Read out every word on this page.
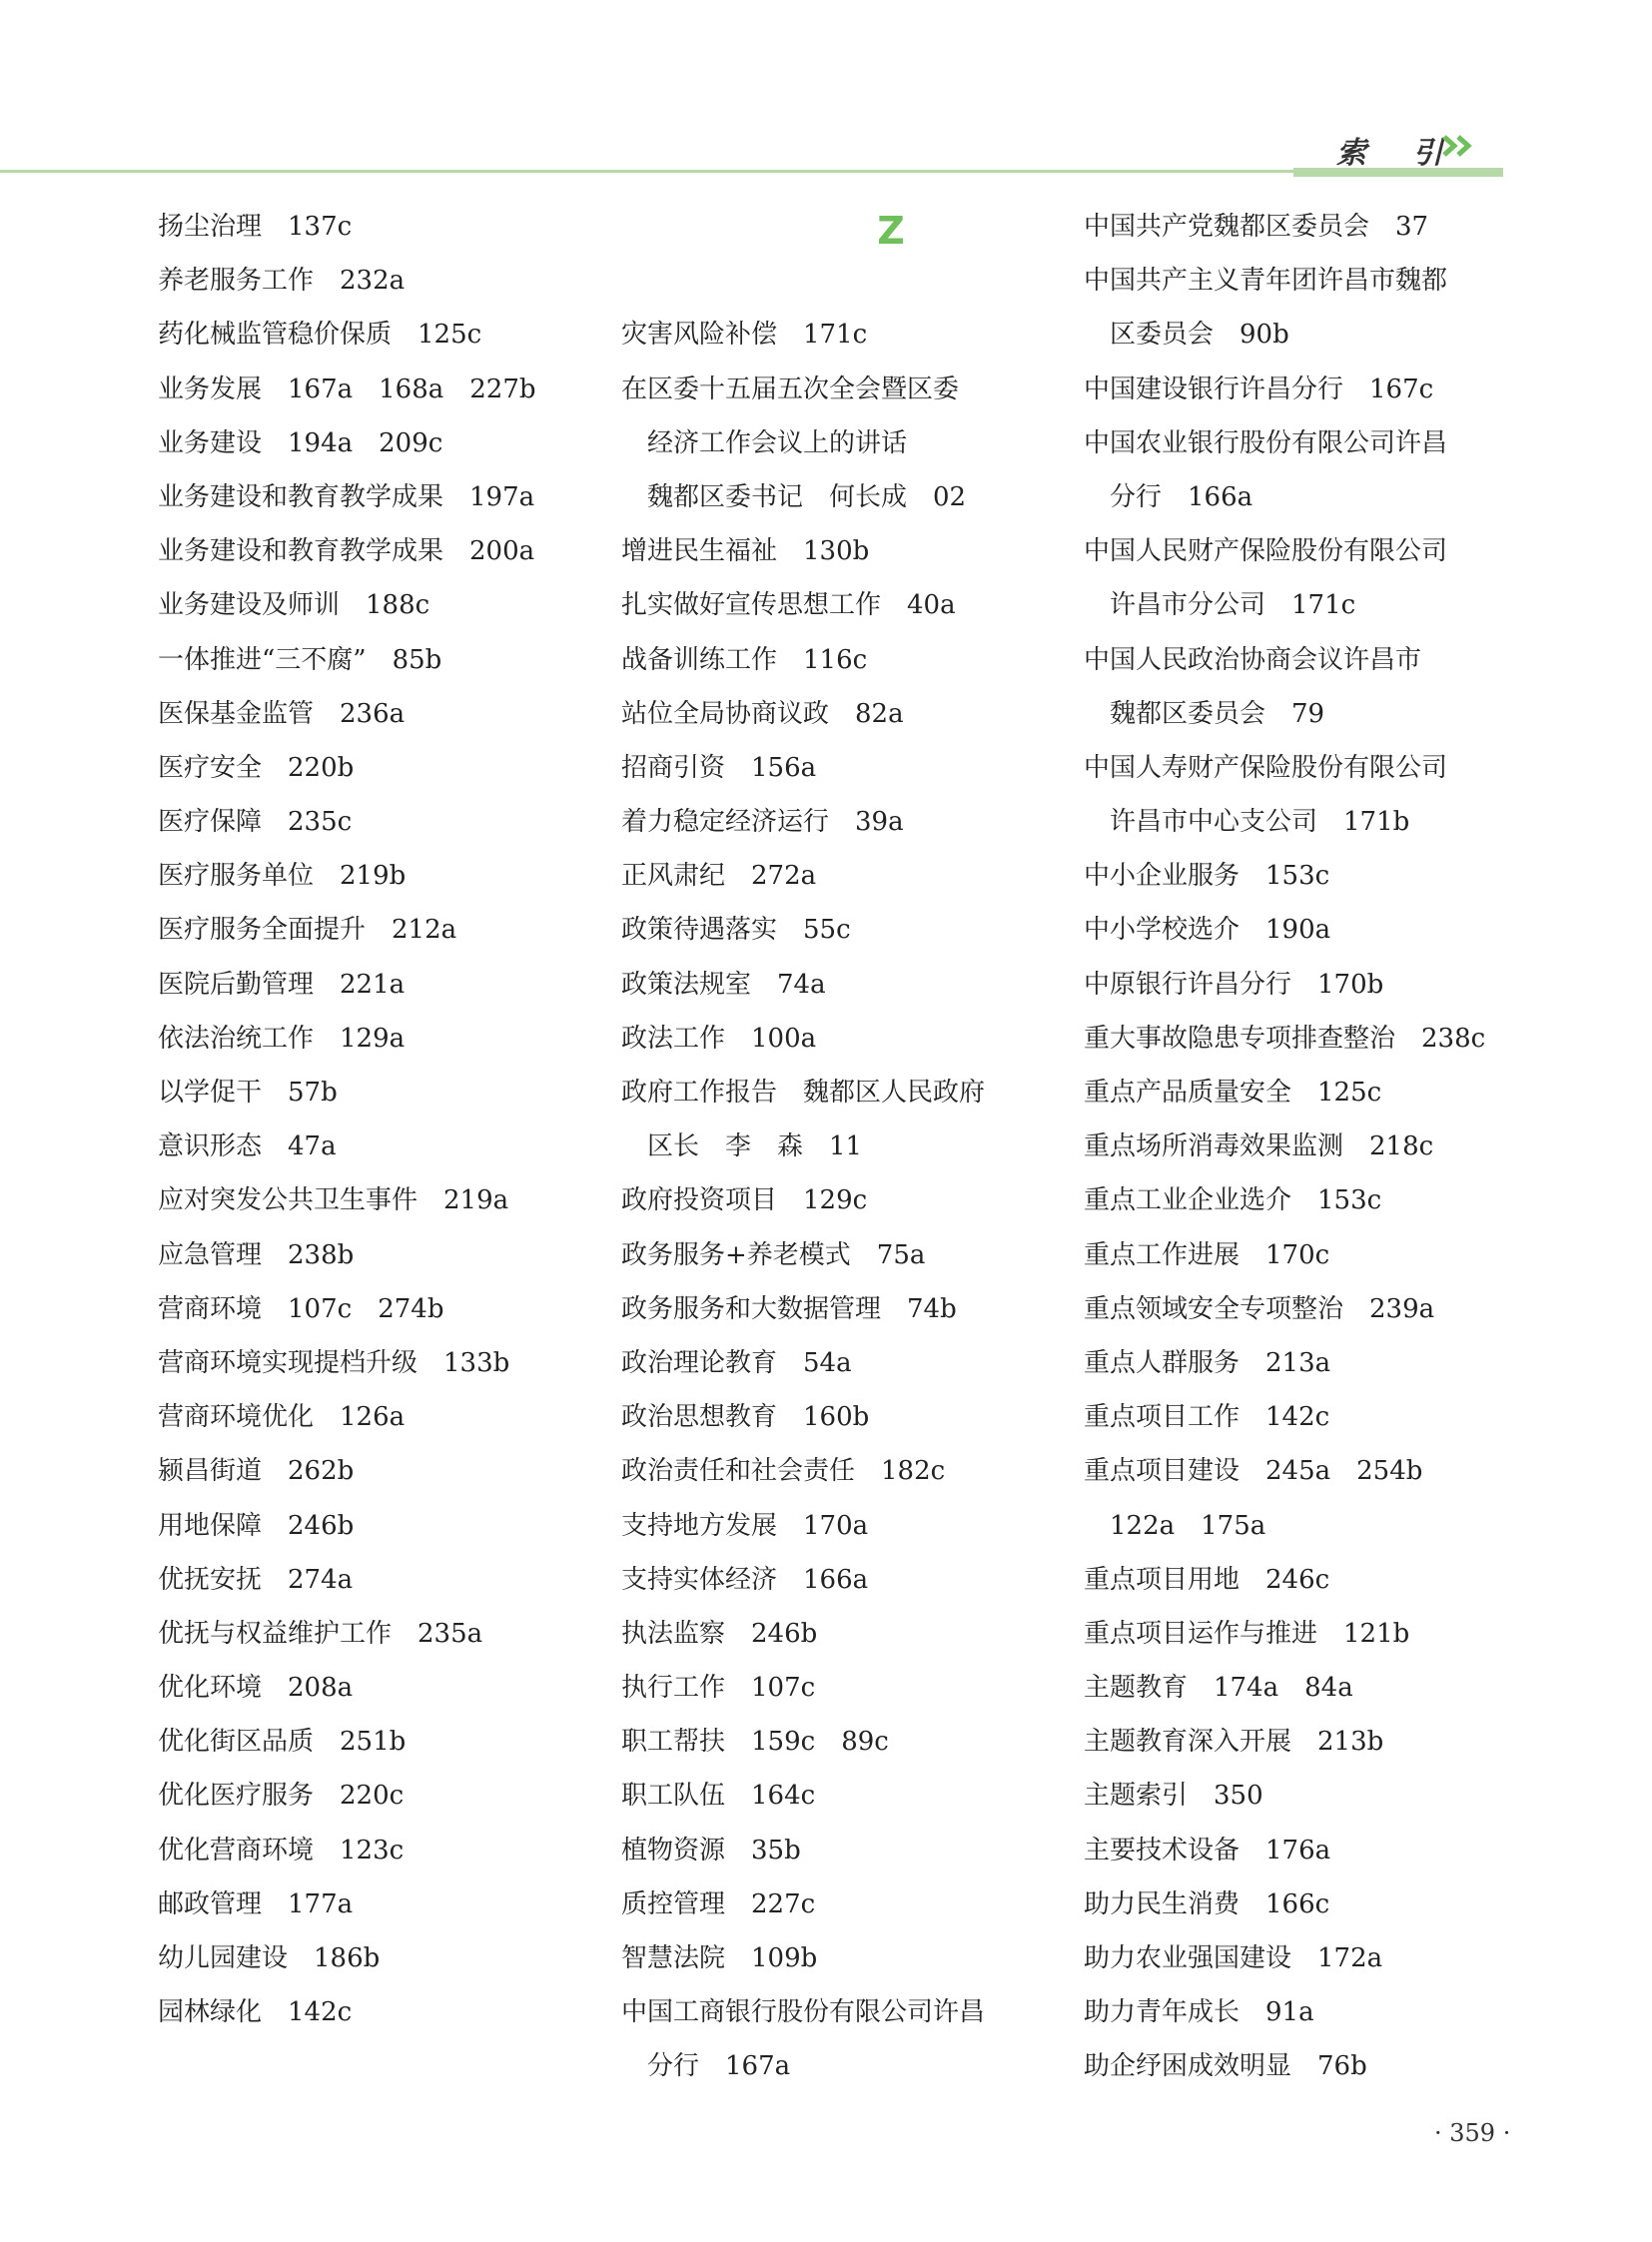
索 引
扬尘治理　137c
养老服务工作　232a
药化械监管稳价保质　125c
业务发展　167a　168a　227b
业务建设　194a　209c
业务建设和教育教学成果　197a
业务建设和教育教学成果　200a
业务建设及师训　188c
一体推进“三不腐”　85b
医保基金监管　236a
医疗安全　220b
医疗保障　235c
医疗服务单位　219b
医疗服务全面提升　212a
医院后勤管理　221a
依法治统工作　129a
以学促干　57b
意识形态　47a
应对突发公共卫生事件　219a
应急管理　238b
营商环境　107c　274b
营商环境实现提档升级　133b
营商环境优化　126a
颍昌街道　262b
用地保障　246b
优抚安抚　274a
优抚与权益维护工作　235a
优化环境　208a
优化街区品质　251b
优化医疗服务　220c
优化营商环境　123c
邮政管理　177a
幼儿园建设　186b
园林绿化　142c
Z
灾害风险补偿　171c
在区委十五届五次全会暨区委
经济工作会议上的讲话
魏都区委书记　何长成　02
增进民生福祉　130b
扎实做好宣传思想工作　40a
战备训练工作　116c
站位全局协商议政　82a
招商引资　156a
着力稳定经济运行　39a
正风肃纪　272a
政策待遇落实　55c
政策法规室　74a
政法工作　100a
政府工作报告　魏都区人民政府
区长　李　森　11
政府投资项目　129c
政务服务+养老模式　75a
政务服务和大数据管理　74b
政治理论教育　54a
政治思想教育　160b
政治责任和社会责任　182c
支持地方发展　170a
支持实体经济　166a
执法监察　246b
执行工作　107c
职工帮扶　159c　89c
职工队伍　164c
植物资源　35b
质控管理　227c
智慧法院　109b
中国工商银行股份有限公司许昌
分行　167a
中国共产党魏都区委员会　37
中国共产主义青年团许昌市魏都
区委员会　90b
中国建设银行许昌分行　167c
中国农业银行股份有限公司许昌
分行　166a
中国人民财产保险股份有限公司
许昌市分公司　171c
中国人民政治协商会议许昌市
魏都区委员会　79
中国人寿财产保险股份有限公司
许昌市中心支公司　171b
中小企业服务　153c
中小学校选介　190a
中原银行许昌分行　170b
重大事故隐患专项排查整治　238c
重点产品质量安全　125c
重点场所消毒效果监测　218c
重点工业企业选介　153c
重点工作进展　170c
重点领域安全专项整治　239a
重点人群服务　213a
重点项目工作　142c
重点项目建设　245a　254b
122a　175a
重点项目用地　246c
重点项目运作与推进　121b
主题教育　174a　84a
主题教育深入开展　213b
主题索引　350
主要技术设备　176a
助力民生消费　166c
助力农业强国建设　172a
助力青年成长　91a
助企纾困成效明显　76b
· 359 ·
